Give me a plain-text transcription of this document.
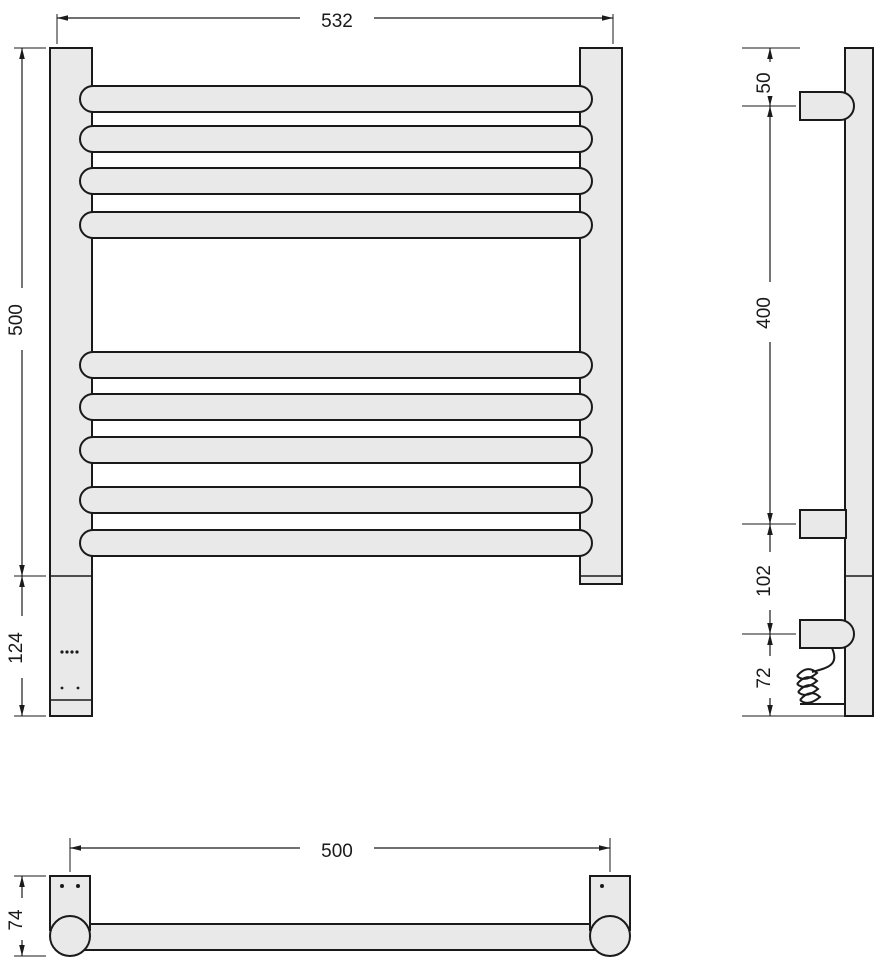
532
500
124
50
400
102
72
500
74
